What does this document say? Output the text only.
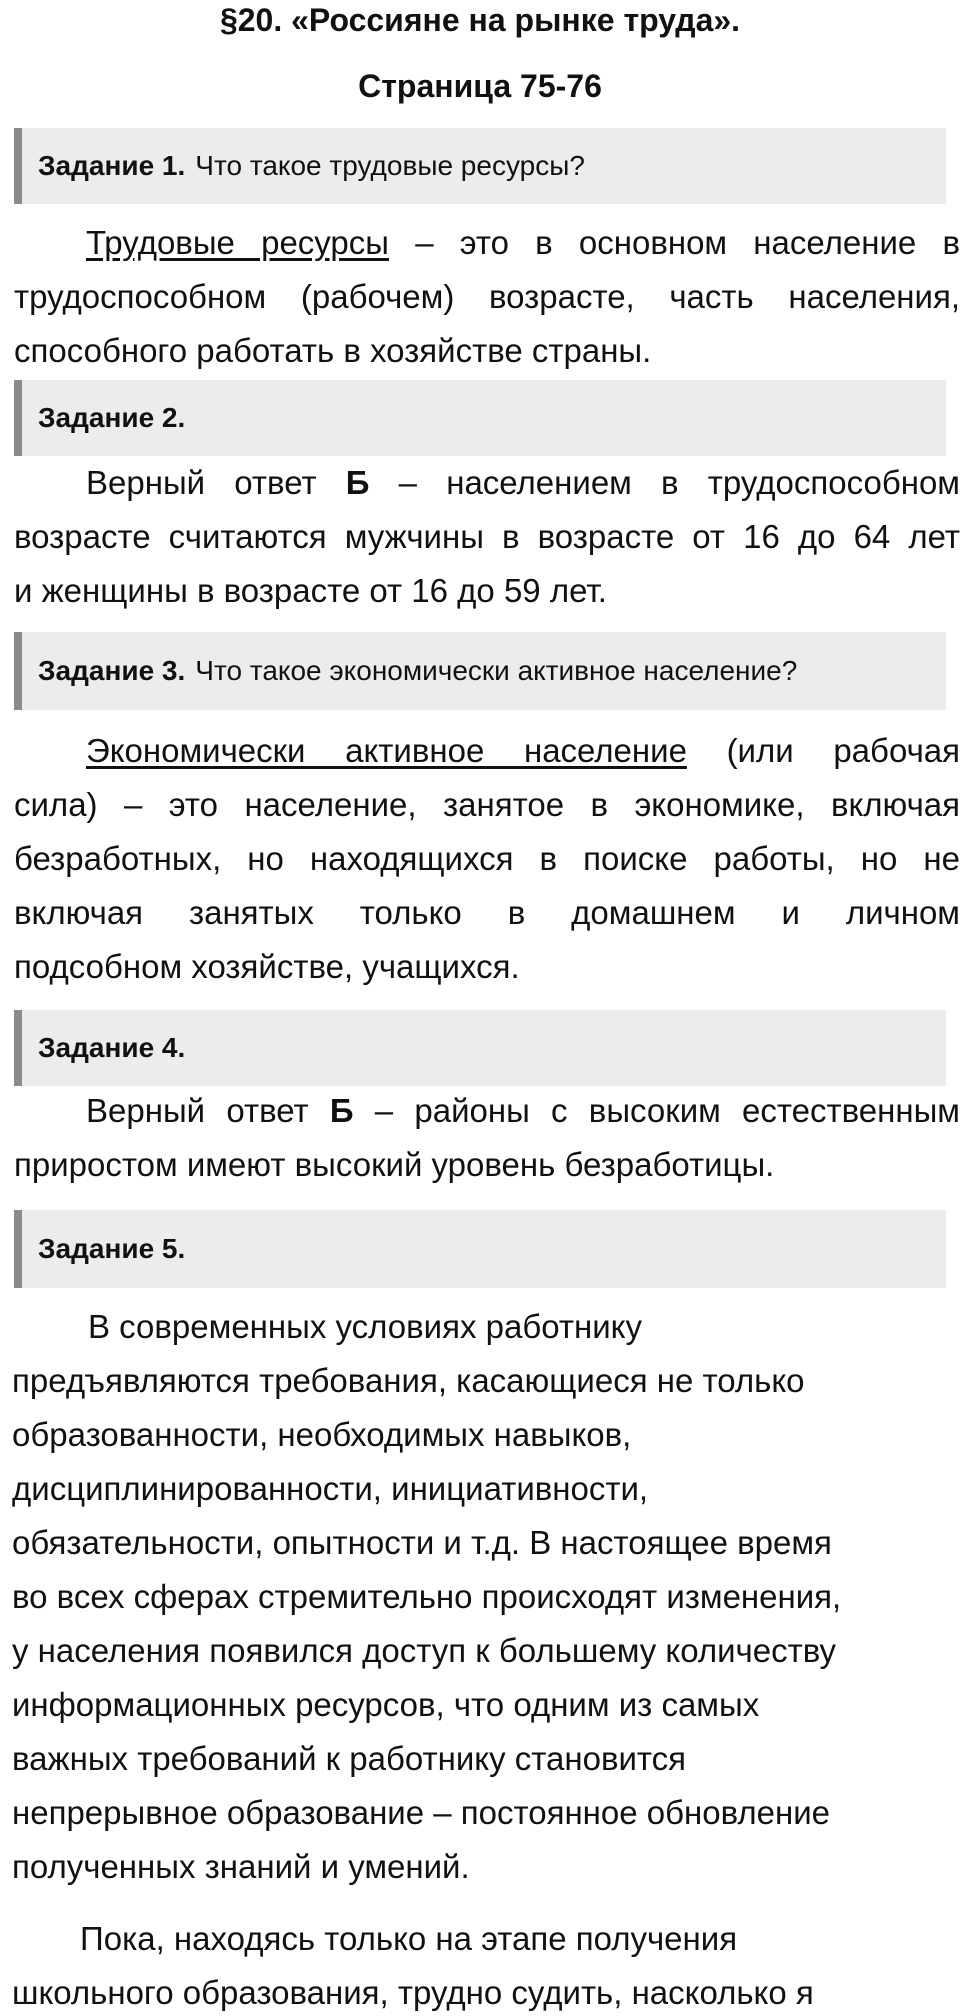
§20. «Россияне на рынке труда».
Страница 75-76
Задание 1. Что такое трудовые ресурсы?
Трудовые ресурсы – это в основном население в
трудоспособном (рабочем) возрасте, часть населения,
способного работать в хозяйстве страны.
Задание 2.
Верный ответ Б – населением в трудоспособном
возрасте считаются мужчины в возрасте от 16 до 64 лет
и женщины в возрасте от 16 до 59 лет.
Задание 3. Что такое экономически активное население?
Экономически активное население (или рабочая
сила) – это население, занятое в экономике, включая
безработных, но находящихся в поиске работы, но не
включая занятых только в домашнем и личном
подсобном хозяйстве, учащихся.
Задание 4.
Верный ответ Б – районы с высоким естественным
приростом имеют высокий уровень безработицы.
Задание 5.
В современных условиях работнику
предъявляются требования, касающиеся не только
образованности, необходимых навыков,
дисциплинированности, инициативности,
обязательности, опытности и т.д. В настоящее время
во всех сферах стремительно происходят изменения,
у населения появился доступ к большему количеству
информационных ресурсов, что одним из самых
важных требований к работнику становится
непрерывное образование – постоянное обновление
полученных знаний и умений.
Пока, находясь только на этапе получения
школьного образования, трудно судить, насколько я
